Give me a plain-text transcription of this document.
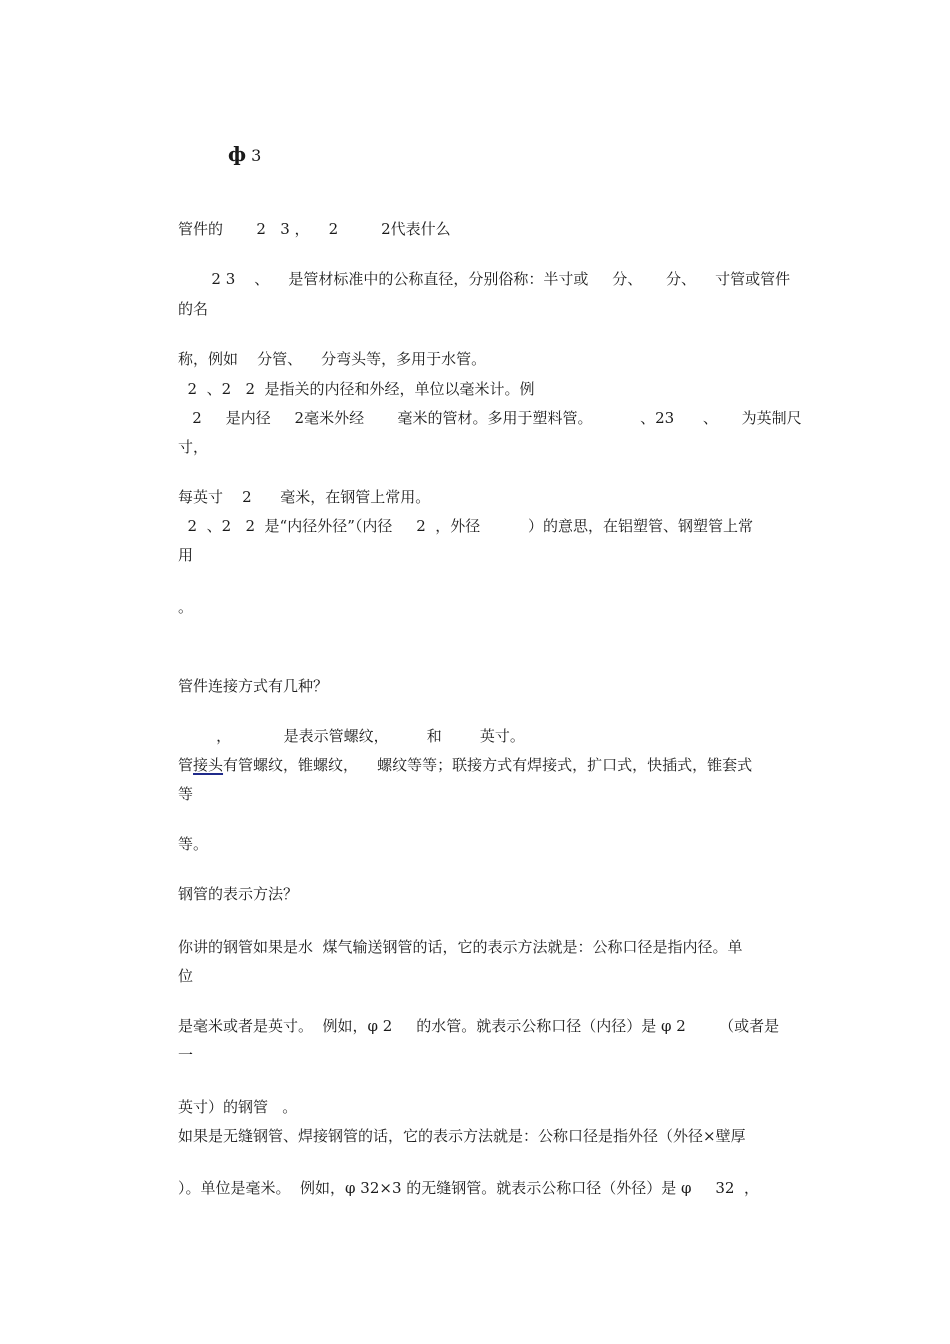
ф 3
管件的       2   3 ，    2         2代表什么
2 3    、    是管材标准中的公称直径，分别俗称：半寸或     分、     分、    寸管或管件
的名
称，例如    分管、    分弯头等，多用于水管。
2  、2   2  是指关的内径和外经，单位以毫米计。例
2     是内径     2毫米外经       毫米的管材。多用于塑料管。          、23      、     为英制尺
寸，
每英寸    2      毫米，在钢管上常用。
2  、2   2  是“内径外径”（内径     2  ，外径          ）的意思，在铝塑管、钢塑管上常
用
。
管件连接方式有几种？
，           是表示管螺纹，        和        英寸。
管接头有管螺纹，锥螺纹，    螺纹等等；联接方式有焊接式，扩口式，快插式，锥套式
等
等。
钢管的表示方法？
你讲的钢管如果是水  煤气输送钢管的话，它的表示方法就是：公称口径是指内径。单
位
是毫米或者是英寸。  例如，φ 2     的水管。就表示公称口径（内径）是 φ 2       （或者是
一
英寸）的钢管   。
如果是无缝钢管、焊接钢管的话，它的表示方法就是：公称口径是指外径（外径×壁厚
）。单位是毫米。  例如，φ 32×3 的无缝钢管。就表示公称口径（外径）是 φ     32  ，
